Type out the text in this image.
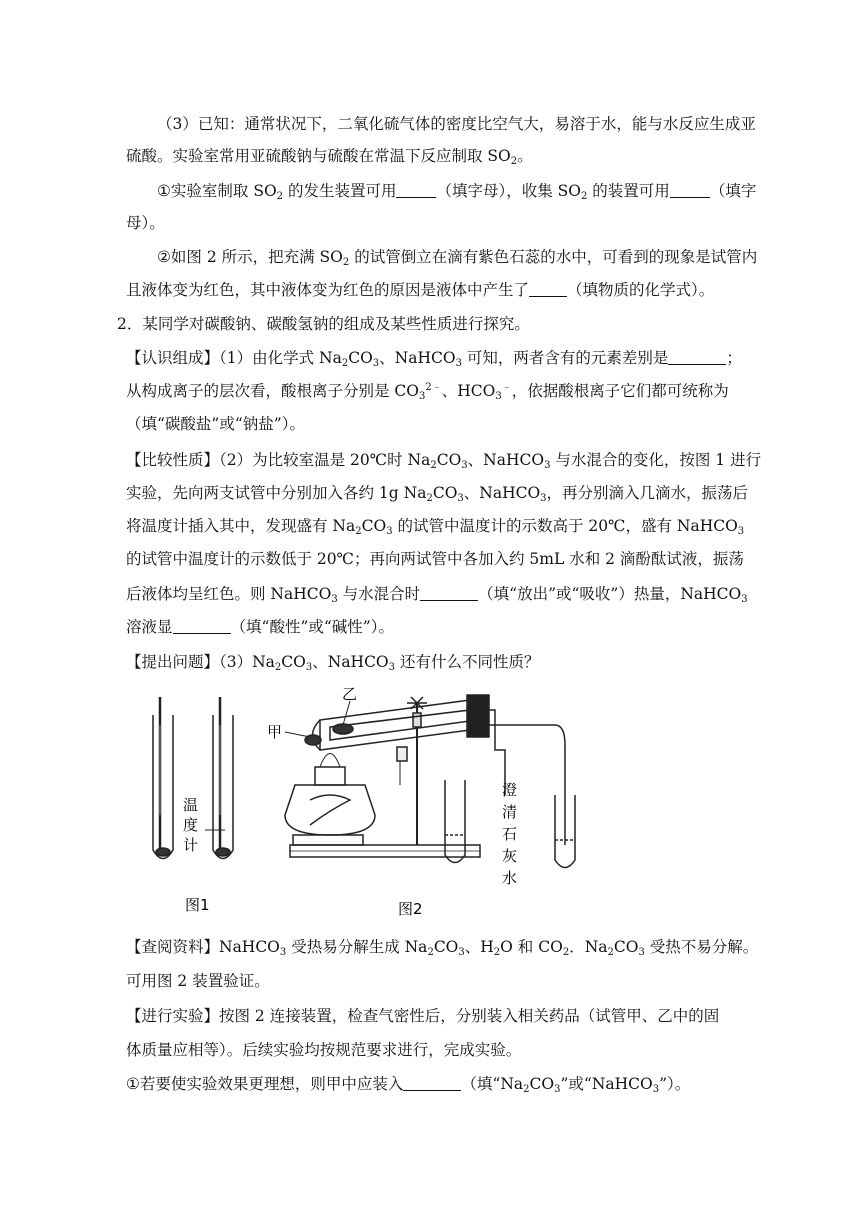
（3）已知：通常状况下，二氧化硫气体的密度比空气大，易溶于水，能与水反应生成亚
硫酸。实验室常用亚硫酸钠与硫酸在常温下反应制取 $SO_2$。
①实验室制取 $SO_2$ 的发生装置可用	（填字母），收集 $SO_2$ 的装置可用	（填字
母）。
②如图 2 所示，把充满 $SO_2$ 的试管倒立在滴有紫色石蕊的水中，可看到的现象是试管内
且液体变为红色，其中液体变为红色的原因是液体中产生了 （填物质的化学式）。
2．某同学对碳酸钠、碳酸氢钠的组成及某些性质进行探究。
【认识组成】（1）由化学式 $Na_2CO_3$、NaHCO$_3$ 可知，两者含有的元素差别是	；
从构成离子的层次看，酸根离子分别是 $CO_3^{2﹣}$、$HCO_3^﹣$，依据酸根离子它们都可统称为
（填“碳酸盐”或“钠盐”）。
【比较性质】（2）为比较室温是 20℃时 $Na_2CO_3$、NaHCO$_3$ 与水混合的变化，按图 1 进行
实验，先向两支试管中分别加入各约 1g $Na_2CO_3$、NaHCO$_3$，再分别滴入几滴水，振荡后
将温度计插入其中，发现盛有 $Na_2CO_3$ 的试管中温度计的示数高于 20℃，盛有 NaHCO$_3$
的试管中温度计的示数低于 20℃；再向两试管中各加入约 5mL 水和 2 滴酚酞试液，振荡
后液体均呈红色。则 NaHCO$_3$ 与水混合时	（填“放出”或“吸收”）热量，NaHCO$_3$
溶液显	（填“酸性”或“碱性”）。
【提出问题】$(3)Na_2CO_3$、NaHCO$_3$ 还有什么不同性质？
温
度
计
图1
甲
乙
澄
清
石
灰
水
图2
【查阅资料】NaHCO$_3$ 受热易分解生成 $Na_2CO_3$、$H_2O$ 和 $CO_2$．$Na_2CO_3$ 受热不易分解。
可用图 2 装置验证。
【进行实验】按图 2 连接装置，检查气密性后，分别装入相关药品（试管甲、乙中的固
体质量应相等）。后续实验均按规范要求进行，完成实验。
①若要使实验效果更理想，则甲中应装入	（填“$Na_2CO_3$”或“NaHCO$_3$”）。
